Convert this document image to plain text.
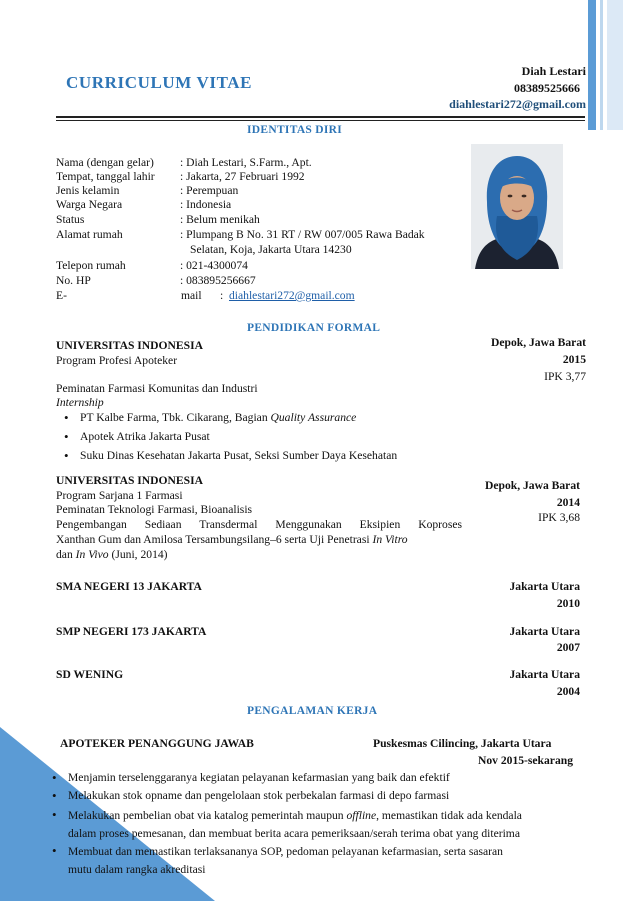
CURRICULUM VITAE
Diah Lestari
08389525666
diahlestari272@gmail.com
IDENTITAS DIRI
Nama (dengan gelar) : Diah Lestari, S.Farm., Apt.
Tempat, tanggal lahir : Jakarta, 27 Februari 1992
Jenis kelamin	: Perempuan
Warga Negara	: Indonesia
Status	: Belum menikah
Alamat rumah	: Plumpang B No. 31 RT / RW 007/005 Rawa Badak
Selatan, Koja, Jakarta Utara 14230
Telepon rumah	: 021-4300074
No. HP	: 083895256667
E-	mail : diahlestari272@gmail.com
PENDIDIKAN FORMAL
UNIVERSITAS INDONESIA
Program Profesi Apoteker
Depok, Jawa Barat
2015
IPK 3,77
Peminatan Farmasi Komunitas dan Industri
Internship
• PT Kalbe Farma, Tbk. Cikarang, Bagian Quality Assurance
• Apotek Atrika Jakarta Pusat
• Suku Dinas Kesehatan Jakarta Pusat, Seksi Sumber Daya Kesehatan
UNIVERSITAS INDONESIA
Program Sarjana 1 Farmasi
Peminatan Teknologi Farmasi, Bioanalisis
Pengembangan Sediaan Transdermal Menggunakan Eksipien Koproses
Xanthan Gum dan Amilosa Tersambungsilang–6 serta Uji Penetrasi In Vitro
dan In Vivo (Juni, 2014)
Depok, Jawa Barat
2014
IPK 3,68
SMA NEGERI 13 JAKARTA	Jakarta Utara
2010
SMP NEGERI 173 JAKARTA	Jakarta Utara
2007
SD WENING	Jakarta Utara
2004
PENGALAMAN KERJA
APOTEKER PENANGGUNG JAWAB	Puskesmas Cilincing, Jakarta Utara
Nov 2015-sekarang
• Menjamin terselenggaranya kegiatan pelayanan kefarmasian yang baik dan efektif
• Melakukan stok opname dan pengelolaan stok perbekalan farmasi di depo farmasi
• Melakukan pembelian obat via katalog pemerintah maupun offline, memastikan tidak ada kendala
dalam proses pemesanan, dan membuat berita acara pemeriksaan/serah terima obat yang diterima
• Membuat dan memastikan terlaksananya SOP, pedoman pelayanan kefarmasian, serta sasaran
mutu dalam rangka akreditasi
